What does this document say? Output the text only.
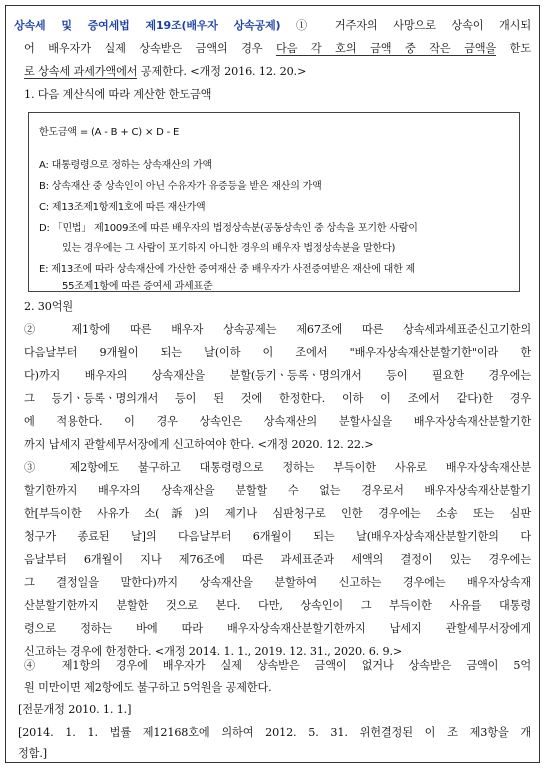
상속세 및 증여세법 제19조(배우자 상속공제) ① 거주자의 사망으로 상속이 개시되
어 배우자가 실제 상속받은 금액의 경우 다음 각 호의 금액 중 작은 금액을 한도
로 상속세 과세가액에서 공제한다. <개정 2016. 12. 20.>
1. 다음 계산식에 따라 계산한 한도금액
한도금액 = (A - B + C) × D - E
A: 대통령령으로 정하는 상속재산의 가액
B: 상속재산 중 상속인이 아닌 수유자가 유증등을 받은 재산의 가액
C: 제13조제1항제1호에 따른 재산가액
D: 「민법」 제1009조에 따른 배우자의 법정상속분(공동상속인 중 상속을 포기한 사람이
있는 경우에는 그 사람이 포기하지 아니한 경우의 배우자 법정상속분을 말한다)
E: 제13조에 따라 상속재산에 가산한 증여재산 중 배우자가 사전증여받은 재산에 대한 제
55조제1항에 따른 증여세 과세표준
2. 30억원
② 제1항에 따른 배우자 상속공제는 제67조에 따른 상속세과세표준신고기한의
다음날부터 9개월이 되는 날(이하 이 조에서 "배우자상속재산분할기한"이라 한
다)까지 배우자의 상속재산을 분할(등기ㆍ등록ㆍ명의개서 등이 필요한 경우에는
그 등기ㆍ등록ㆍ명의개서 등이 된 것에 한정한다. 이하 이 조에서 같다)한 경우
에 적용한다. 이 경우 상속인은 상속재산의 분할사실을 배우자상속재산분할기한
까지 납세지 관할세무서장에게 신고하여야 한다. <개정 2020. 12. 22.>
③ 제2항에도 불구하고 대통령령으로 정하는 부득이한 사유로 배우자상속재산분
할기한까지 배우자의 상속재산을 분할할 수 없는 경우로서 배우자상속재산분할기
한[부득이한 사유가 소(訴)의 제기나 심판청구로 인한 경우에는 소송 또는 심판
청구가 종료된 날]의 다음날부터 6개월이 되는 날(배우자상속재산분할기한의 다
음날부터 6개월이 지나 제76조에 따른 과세표준과 세액의 결정이 있는 경우에는
그 결정일을 말한다)까지 상속재산을 분할하여 신고하는 경우에는 배우자상속재
산분할기한까지 분할한 것으로 본다. 다만, 상속인이 그 부득이한 사유를 대통령
령으로 정하는 바에 따라 배우자상속재산분할기한까지 납세지 관할세무서장에게
신고하는 경우에 한정한다. <개정 2014. 1. 1., 2019. 12. 31., 2020. 6. 9.>
④ 제1항의 경우에 배우자가 실제 상속받은 금액이 없거나 상속받은 금액이 5억
원 미만이면 제2항에도 불구하고 5억원을 공제한다.
[전문개정 2010. 1. 1.]
[2014. 1. 1. 법률 제12168호에 의하여 2012. 5. 31. 위헌결정된 이 조 제3항을 개
정함.]
